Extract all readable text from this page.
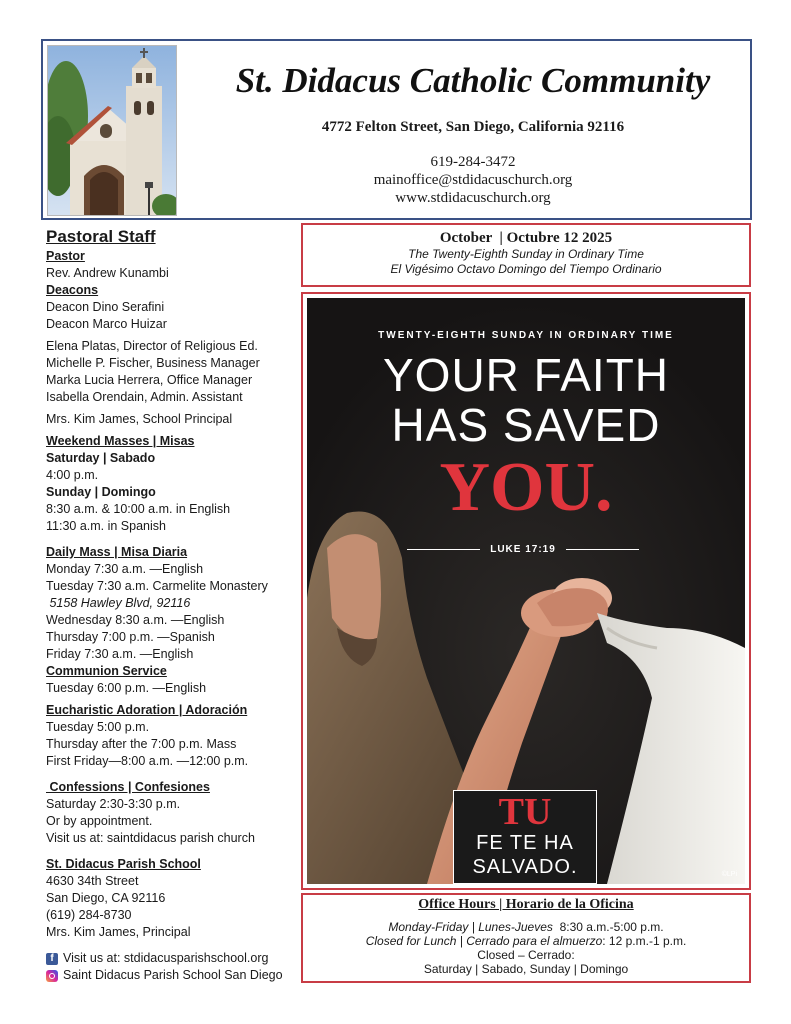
St. Didacus Catholic Community
4772 Felton Street, San Diego, California 92116
619-284-3472
mainoffice@stdidacuschurch.org
www.stdidacuschurch.org
Pastoral Staff
Pastor
Rev. Andrew Kunambi
Deacons
Deacon Dino Serafini
Deacon Marco Huizar
Elena Platas, Director of Religious Ed.
Michelle P. Fischer, Business Manager
Marka Lucia Herrera, Office Manager
Isabella Orendain, Admin. Assistant
Mrs. Kim James, School Principal
Weekend Masses | Misas
Saturday | Sabado
4:00 p.m.
Sunday | Domingo
8:30 a.m. & 10:00 a.m. in English
11:30 a.m. in Spanish
Daily Mass | Misa Diaria
Monday 7:30 a.m. —English
Tuesday 7:30 a.m. Carmelite Monastery
5158 Hawley Blvd, 92116
Wednesday 8:30 a.m. —English
Thursday 7:00 p.m. —Spanish
Friday 7:30 a.m. —English
Communion Service
Tuesday 6:00 p.m. —English
Eucharistic Adoration | Adoración
Tuesday 5:00 p.m.
Thursday after the 7:00 p.m. Mass
First Friday—8:00 a.m. —12:00 p.m.
Confessions | Confesiones
Saturday 2:30-3:30 p.m.
Or by appointment.
Visit us at: saintdidacus parish church
St. Didacus Parish School
4630 34th Street
San Diego, CA 92116
(619) 284-8730
Mrs. Kim James, Principal
f Visit us at: stdidacusparishschool.org
Saint Didacus Parish School San Diego
October  | Octubre 12 2025
The Twenty-Eighth Sunday in Ordinary Time
El Vigésimo Octavo Domingo del Tiempo Ordinario
TWENTY-EIGHTH SUNDAY IN ORDINARY TIME
YOUR FAITH
HAS SAVED
YOU.
LUKE 17:19
TU
FE TE HA
SALVADO.	©LPi
Office Hours | Horario de la Oficina
Monday-Friday | Lunes-Jueves  8:30 a.m.-5:00 p.m.
Closed for Lunch | Cerrado para el almuerzo: 12 p.m.-1 p.m.
Closed – Cerrado:
Saturday | Sabado, Sunday | Domingo
